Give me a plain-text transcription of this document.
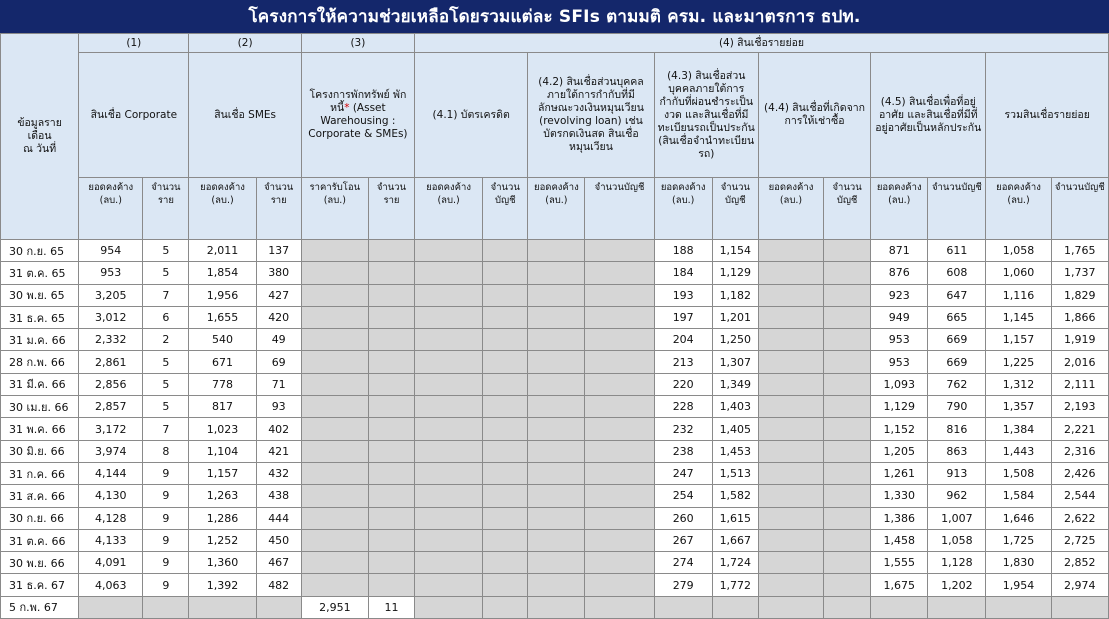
โครงการให้ความช่วยเหลือโดยรวมแต่ละ SFIs ตามมติ ครม. และมาตรการ ธปท.
ข้อมูลราย
เดือน
ณ วันที่	(1)		(2)		(3)		(4) สินเชื่อรายย่อย											
	สินเชื่อ Corporate		สินเชื่อ SMEs		โครงการพักทรัพย์ พักหนี้* (Asset Warehousing : Corporate & SMEs)		(4.1) บัตรเครดิต		(4.2) สินเชื่อส่วนบุคคลภายใต้การกำกับที่มีลักษณะวงเงินหมุนเวียน (revolving loan) เช่น บัตรกดเงินสด สินเชื่อหมุนเวียน		(4.3) สินเชื่อส่วนบุคคลภายใต้การกำกับที่ผ่อนชำระเป็นงวด และสินเชื่อที่มีทะเบียนรถเป็นประกัน (สินเชื่อจำนำทะเบียนรถ)		(4.4) สินเชื่อที่เกิดจากการให้เช่าซื้อ		(4.5) สินเชื่อเพื่อที่อยู่อาศัย และสินเชื่อที่มีที่อยู่อาศัยเป็นหลักประกัน		รวมสินเชื่อรายย่อย	
	ยอดคงค้าง (ลบ.)	จำนวนราย	ยอดคงค้าง (ลบ.)	จำนวนราย	ราคารับโอน (ลบ.)	จำนวนราย	ยอดคงค้าง (ลบ.)	จำนวนบัญชี	ยอดคงค้าง (ลบ.)	จำนวนบัญชี	ยอดคงค้าง (ลบ.)	จำนวนบัญชี	ยอดคงค้าง (ลบ.)	จำนวนบัญชี	ยอดคงค้าง (ลบ.)	จำนวนบัญชี	ยอดคงค้าง (ลบ.)	จำนวนบัญชี
30 ก.ย. 65	954	5	2,011	137							188	1,154			871	611	1,058	1,765
31 ต.ค. 65	953	5	1,854	380							184	1,129			876	608	1,060	1,737
30 พ.ย. 65	3,205	7	1,956	427							193	1,182			923	647	1,116	1,829
31 ธ.ค. 65	3,012	6	1,655	420							197	1,201			949	665	1,145	1,866
31 ม.ค. 66	2,332	2	540	49							204	1,250			953	669	1,157	1,919
28 ก.พ. 66	2,861	5	671	69							213	1,307			953	669	1,225	2,016
31 มี.ค. 66	2,856	5	778	71							220	1,349			1,093	762	1,312	2,111
30 เม.ย. 66	2,857	5	817	93							228	1,403			1,129	790	1,357	2,193
31 พ.ค. 66	3,172	7	1,023	402							232	1,405			1,152	816	1,384	2,221
30 มิ.ย. 66	3,974	8	1,104	421							238	1,453			1,205	863	1,443	2,316
31 ก.ค. 66	4,144	9	1,157	432							247	1,513			1,261	913	1,508	2,426
31 ส.ค. 66	4,130	9	1,263	438							254	1,582			1,330	962	1,584	2,544
30 ก.ย. 66	4,128	9	1,286	444							260	1,615			1,386	1,007	1,646	2,622
31 ต.ค. 66	4,133	9	1,252	450							267	1,667			1,458	1,058	1,725	2,725
30 พ.ย. 66	4,091	9	1,360	467							274	1,724			1,555	1,128	1,830	2,852
31 ธ.ค. 67	4,063	9	1,392	482							279	1,772			1,675	1,202	1,954	2,974
5 ก.พ. 67					2,951	11												
